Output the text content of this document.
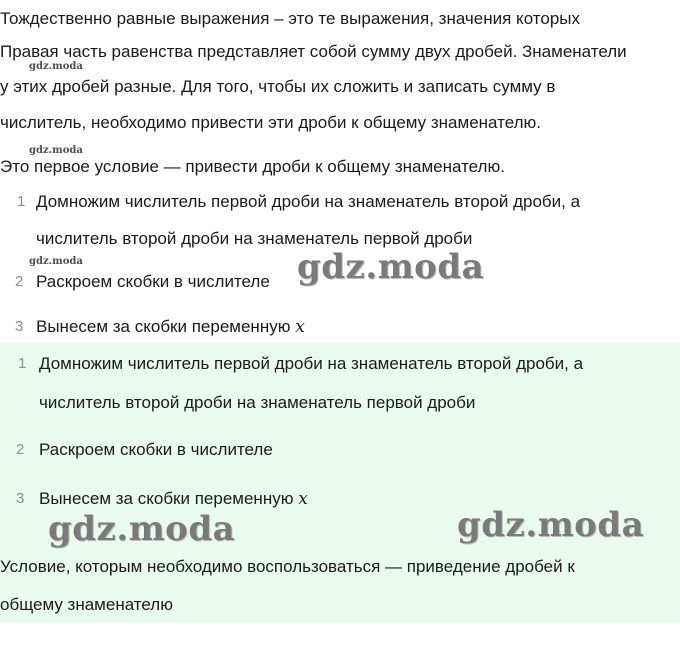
Тождественно равные выражения – это те выражения, значения которых
Правая часть равенства представляет собой сумму двух дробей. Знаменатели
gdz.moda
у этих дробей разные. Для того, чтобы их сложить и записать сумму в
числитель, необходимо привести эти дроби к общему знаменателю.
gdz.moda
Это первое условие — привести дроби к общему знаменателю.
1 Домножим числитель первой дроби на знаменатель второй дроби, а
числитель второй дроби на знаменатель первой дроби
gdz.moda
2 Раскроем скобки в числителе gdz.moda
3 Вынесем за скобки переменную x
1 Домножим числитель первой дроби на знаменатель второй дроби, а
числитель второй дроби на знаменатель первой дроби
2 Раскроем скобки в числителе
3 Вынесем за скобки переменную x
gdz.moda	gdz.moda
Условие, которым необходимо воспользоваться — приведение дробей к
общему знаменателю
